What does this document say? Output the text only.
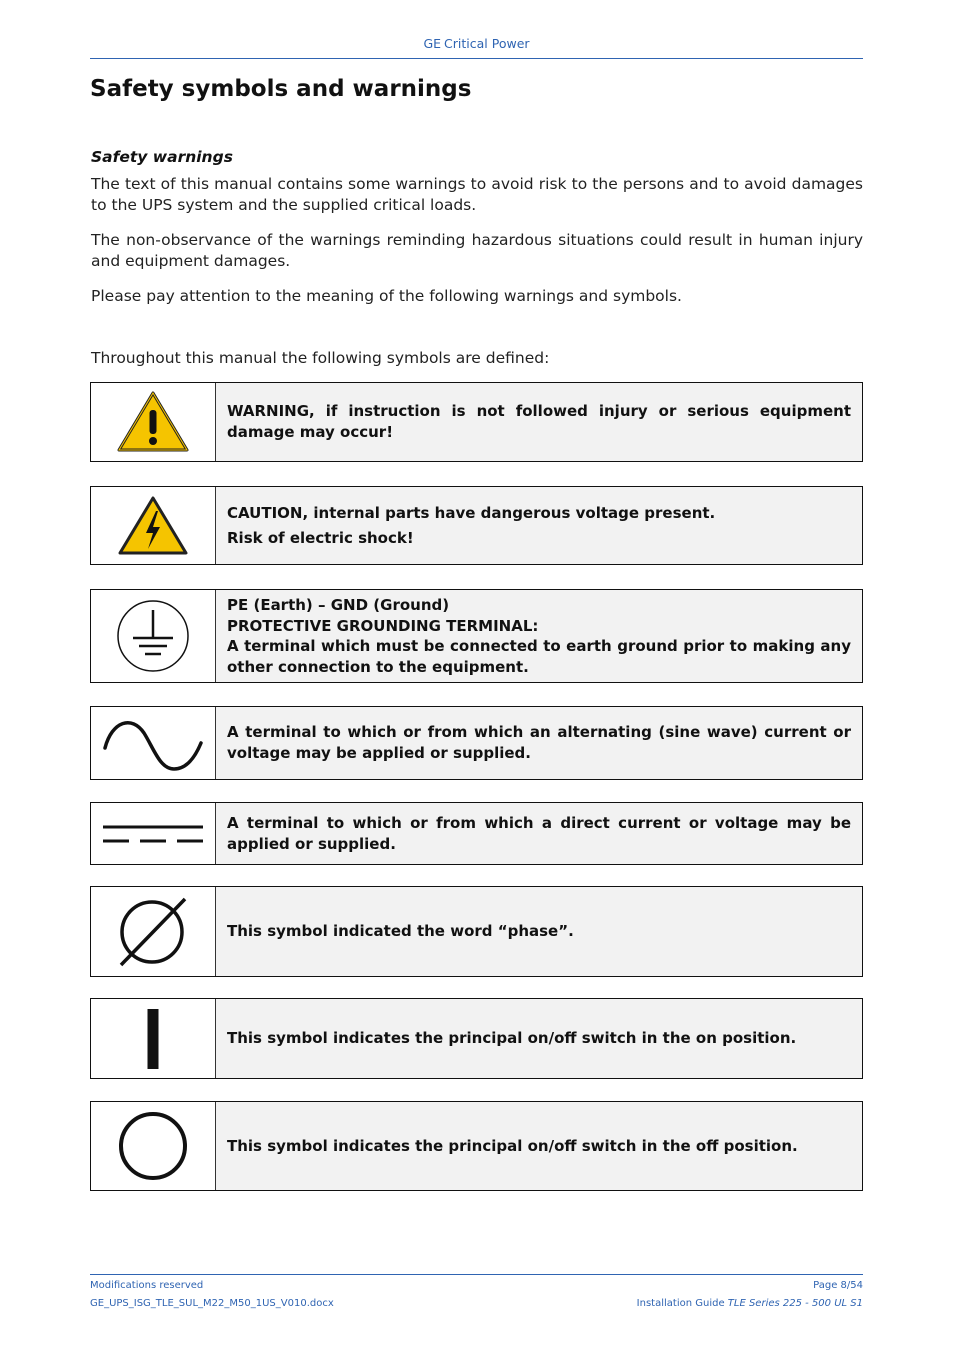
GE Critical Power
Safety symbols and warnings

Safety warnings

The text of this manual contains some warnings to avoid risk to the persons and to avoid damages to the UPS system and the supplied critical loads.

The non-observance of the warnings reminding hazardous situations could result in human injury and equipment damages.

Please pay attention to the meaning of the following warnings and symbols.

Throughout this manual the following symbols are defined:

WARNING, if instruction is not followed injury or serious equipment damage may occur!
CAUTION, internal parts have dangerous voltage present.
Risk of electric shock!
PE (Earth) – GND (Ground)
PROTECTIVE GROUNDING TERMINAL:
A terminal which must be connected to earth ground prior to making any other connection to the equipment.
A terminal to which or from which an alternating (sine wave) current or voltage may be applied or supplied.
A terminal to which or from which a direct current or voltage may be applied or supplied.
This symbol indicated the word “phase”.
This symbol indicates the principal on/off switch in the on position.
This symbol indicates the principal on/off switch in the off position.
Modifications reserved
GE_UPS_ISG_TLE_SUL_M22_M50_1US_V010.docx
Page 8/54
Installation Guide TLE Series 225 - 500 UL S1
